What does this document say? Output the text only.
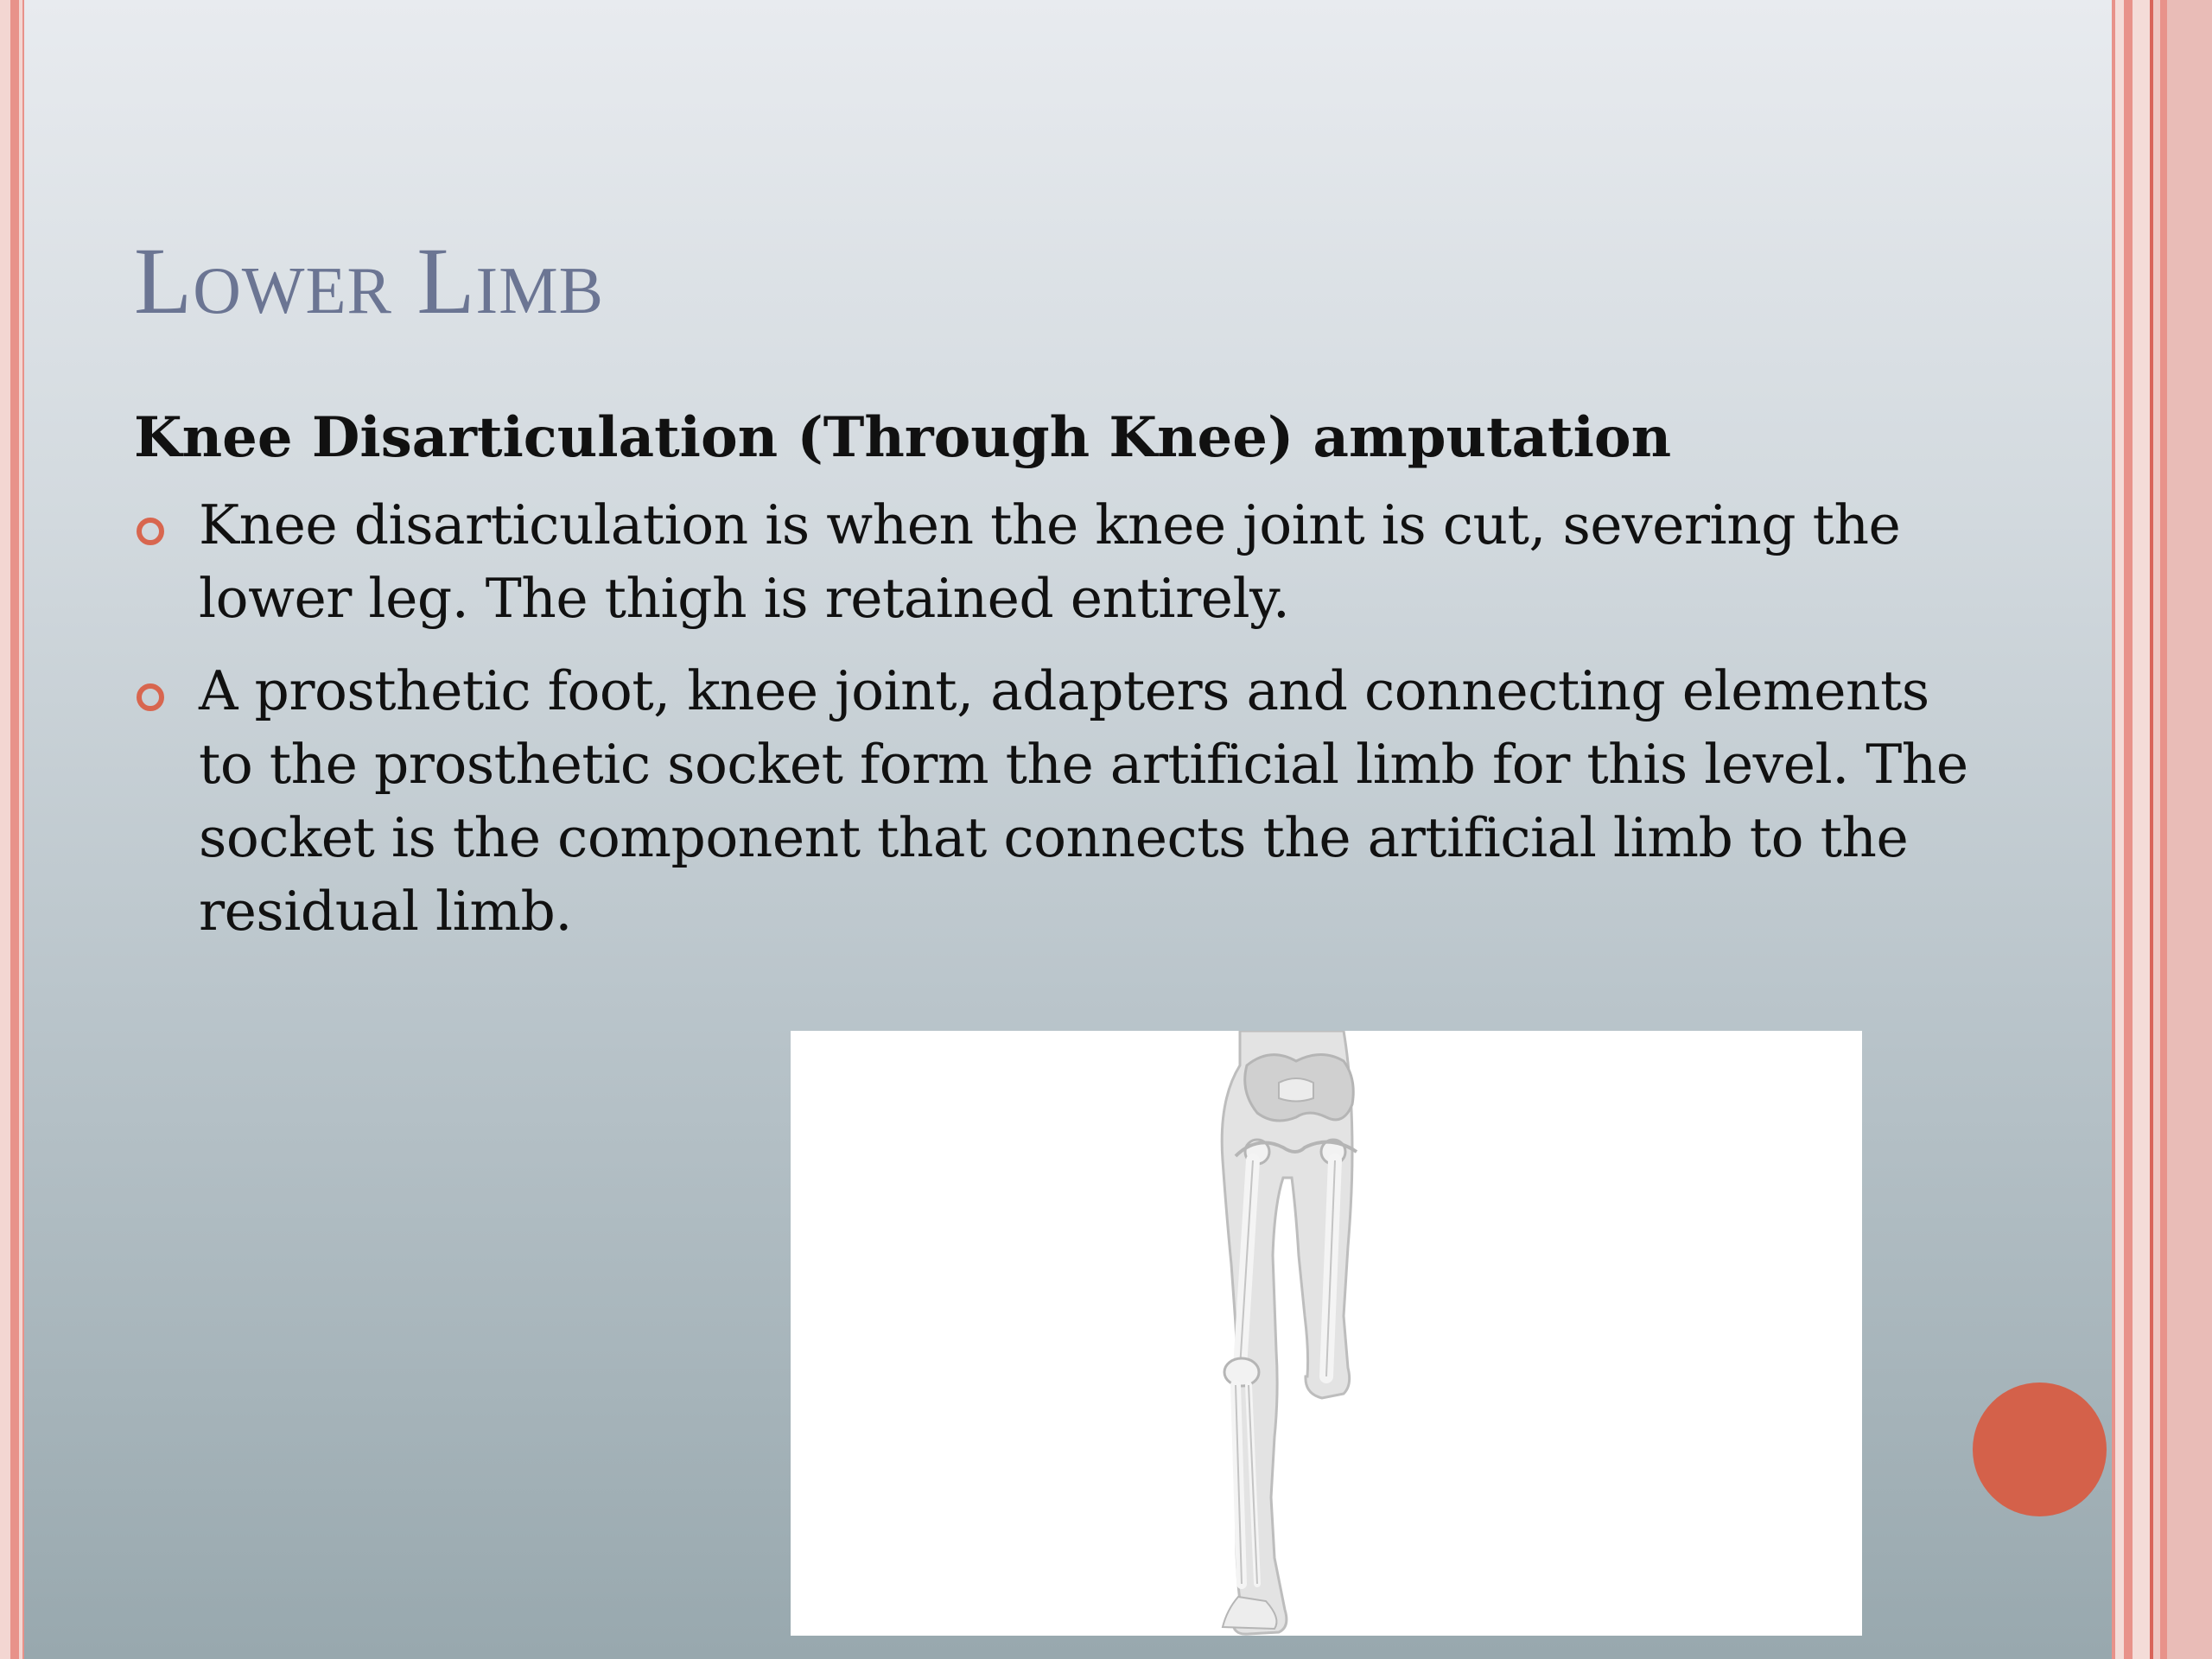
Lower Limb
Knee Disarticulation (Through Knee) amputation
Knee disarticulation is when the knee joint is cut, severing the lower leg. The thigh is retained entirely.
A prosthetic foot, knee joint, adapters and connecting elements to the prosthetic socket form the artificial limb for this level. The socket is the component that connects the artificial limb to the residual limb.
